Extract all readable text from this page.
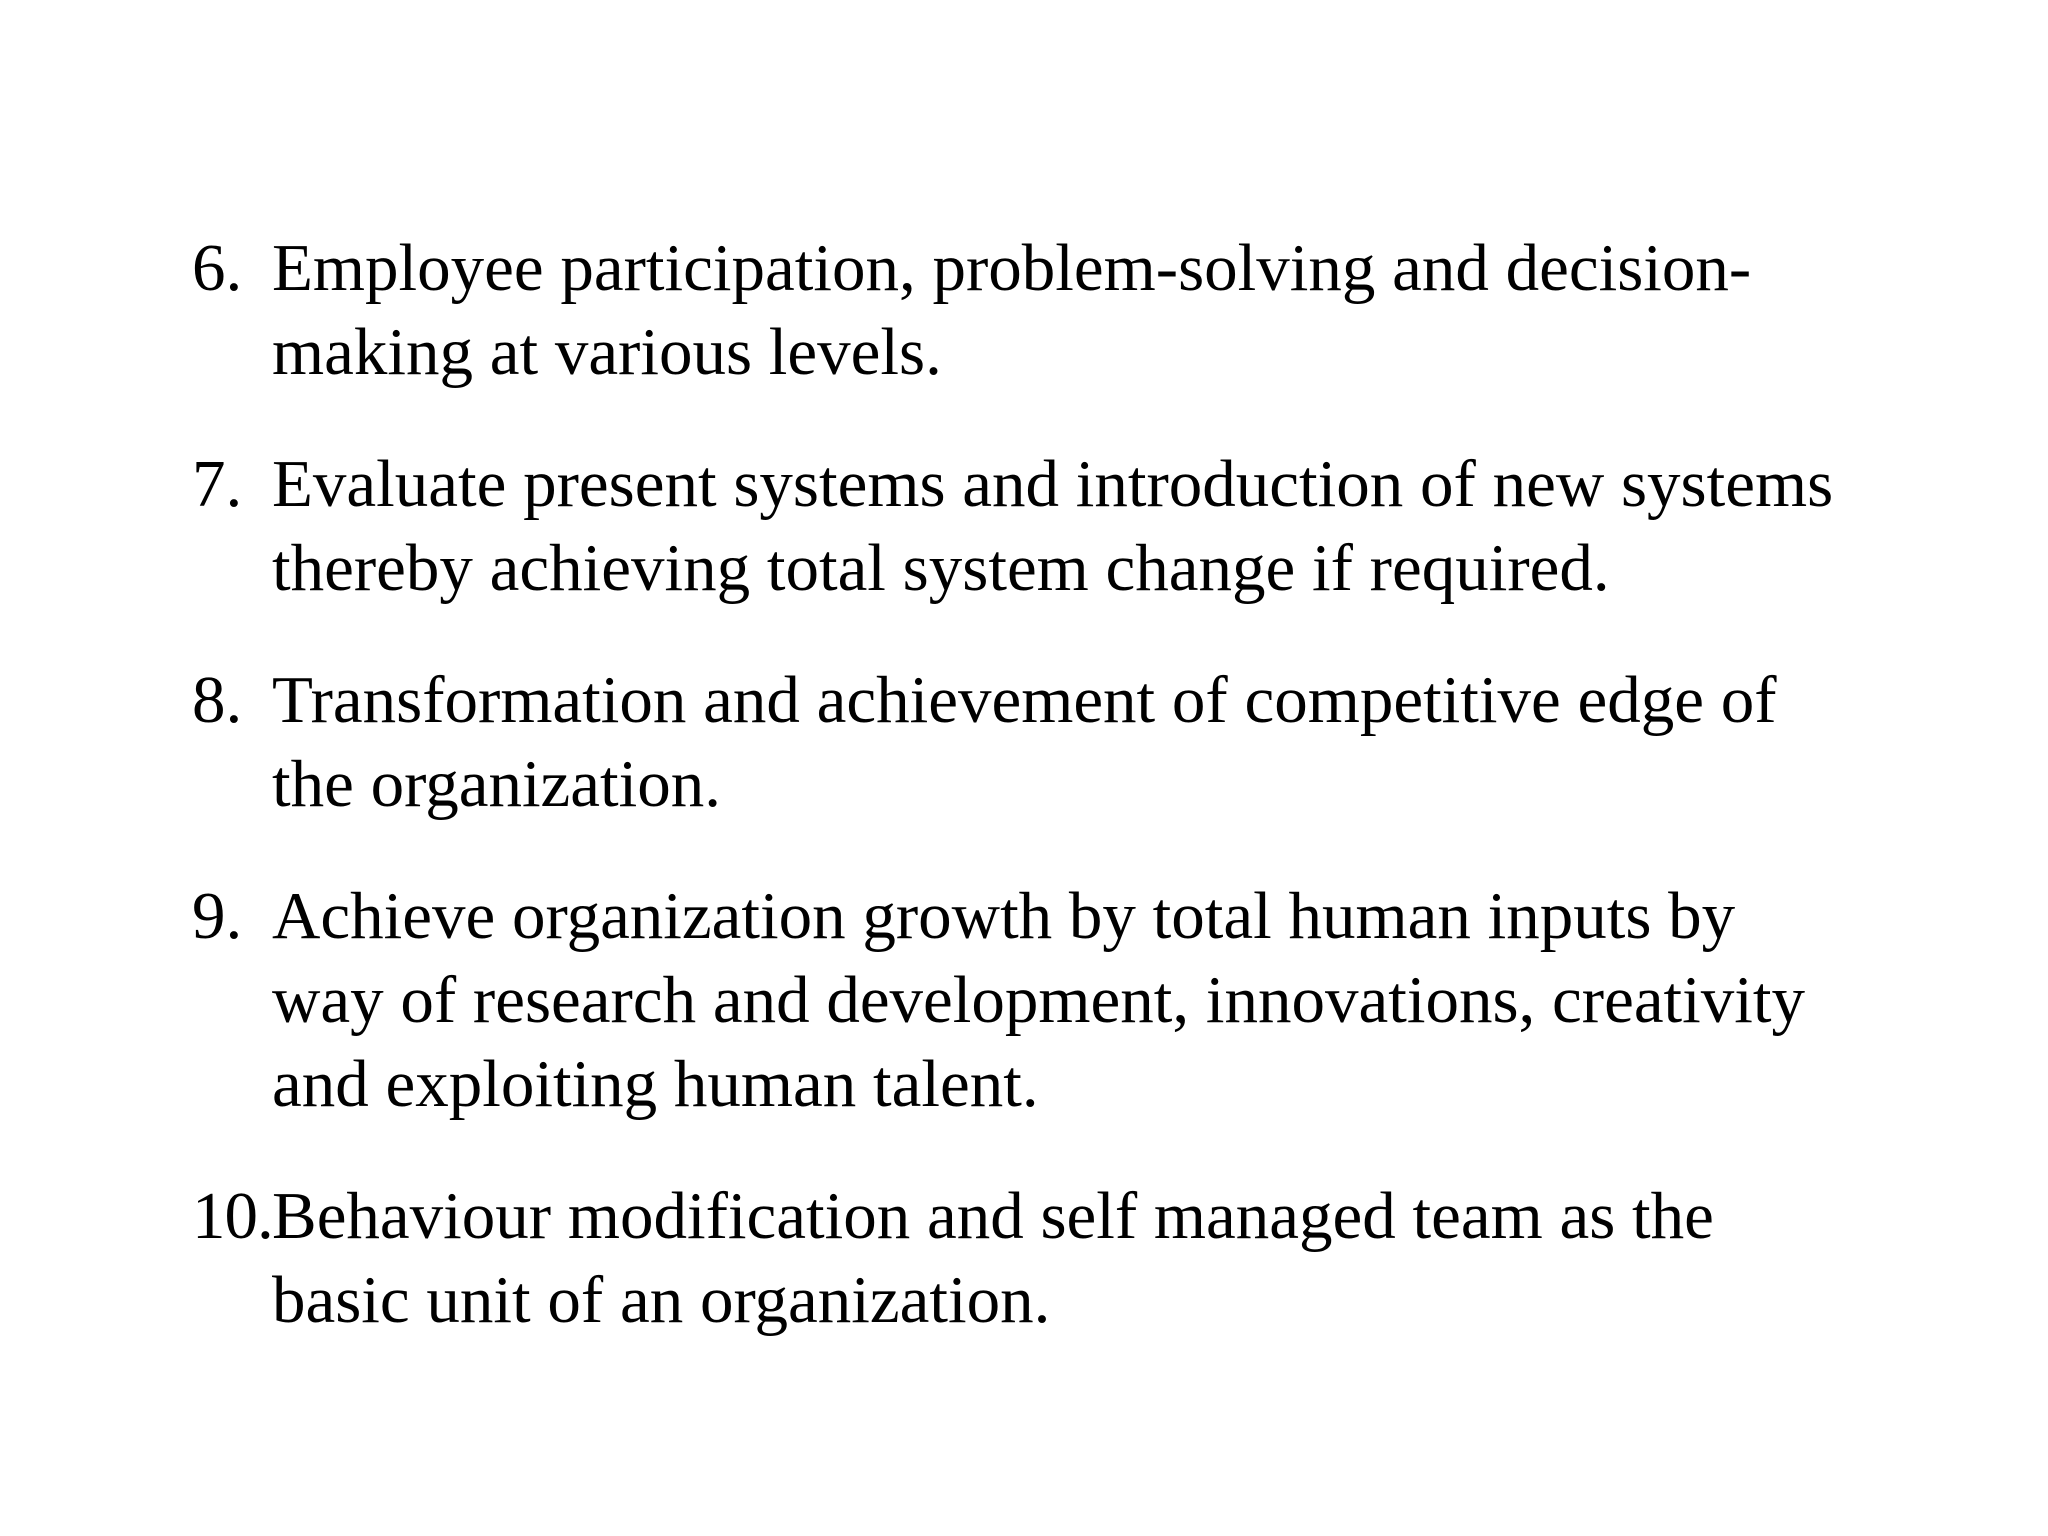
6. Employee participation, problem-solving and decision-
making at various levels.
7. Evaluate present systems and introduction of new systems
thereby achieving total system change if required.
8. Transformation and achievement of competitive edge of
the organization.
9. Achieve organization growth by total human inputs by
way of research and development, innovations, creativity
and exploiting human talent.
10. Behaviour modification and self managed team as the
basic unit of an organization.
